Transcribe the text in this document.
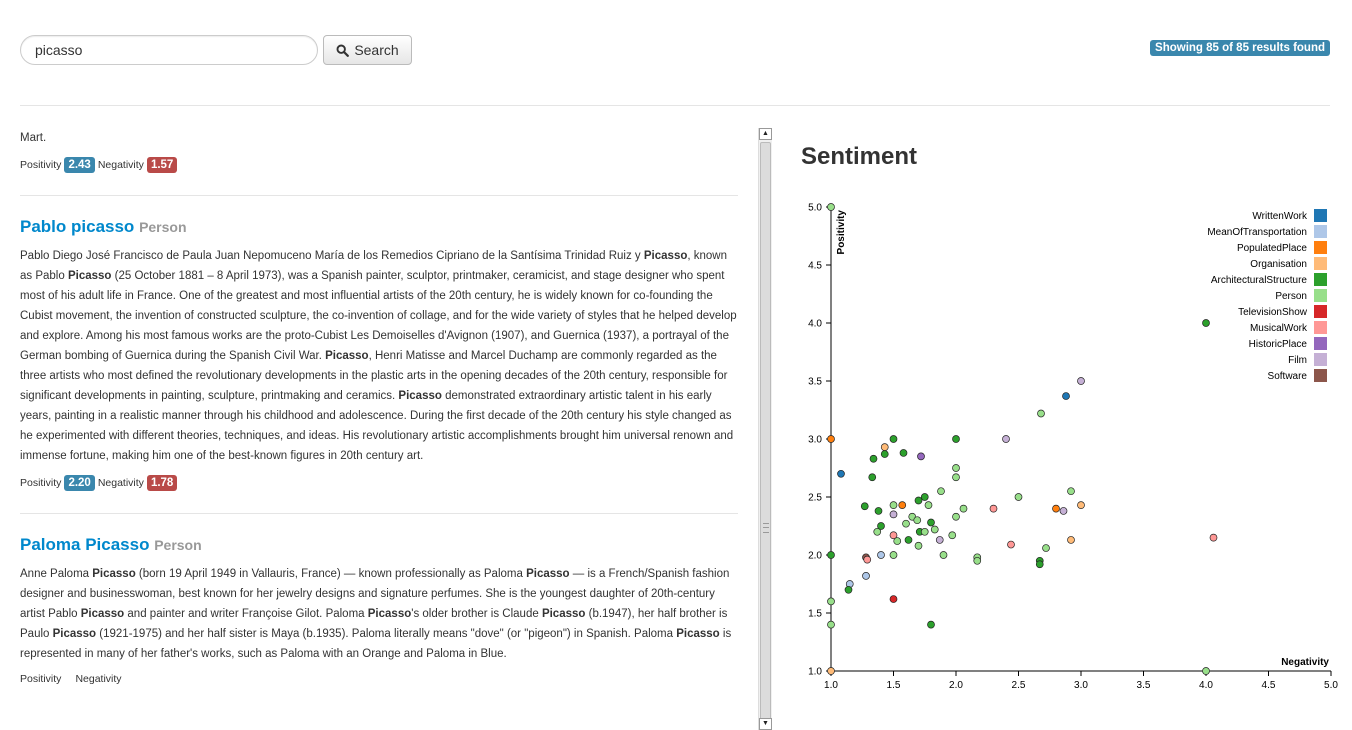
picasso
Search	Showing 85 of 85 results found

Mart.

Positivity 2.43 Negativity 1.57
Pablo picasso Person

Pablo Diego José Francisco de Paula Juan Nepomuceno María de los Remedios Cipriano de la Santísima Trinidad Ruiz y Picasso, known as Pablo Picasso (25 October 1881 – 8 April 1973), was a Spanish painter, sculptor, printmaker, ceramicist, and stage designer who spent most of his adult life in France. One of the greatest and most influential artists of the 20th century, he is widely known for co-founding the Cubist movement, the invention of constructed sculpture, the co-invention of collage, and for the wide variety of styles that he helped develop and explore. Among his most famous works are the proto-Cubist Les Demoiselles d'Avignon (1907), and Guernica (1937), a portrayal of the German bombing of Guernica during the Spanish Civil War. Picasso, Henri Matisse and Marcel Duchamp are commonly regarded as the three artists who most defined the revolutionary developments in the plastic arts in the opening decades of the 20th century, responsible for significant developments in painting, sculpture, printmaking and ceramics. Picasso demonstrated extraordinary artistic talent in his early years, painting in a realistic manner through his childhood and adolescence. During the first decade of the 20th century his style changed as he experimented with different theories, techniques, and ideas. His revolutionary artistic accomplishments brought him universal renown and immense fortune, making him one of the best-known figures in 20th century art.

Positivity 2.20 Negativity 1.78
Paloma Picasso Person

Anne Paloma Picasso (born 19 April 1949 in Vallauris, France) — known professionally as Paloma Picasso — is a French/Spanish fashion designer and businesswoman, best known for her jewelry designs and signature perfumes. She is the youngest daughter of 20th-century artist Pablo Picasso and painter and writer Françoise Gilot. Paloma Picasso's older brother is Claude Picasso (b.1947), her half brother is Paulo Picasso (1921-1975) and her half sister is Maya (b.1935). Paloma literally means "dove" (or "pigeon") in Spanish. Paloma Picasso is represented in many of her father's works, such as Paloma with an Orange and Paloma in Blue.

Positivity Negativity
▲
▼
Sentiment
1.0
1.5
2.0
2.5
3.0
3.5
4.0
4.5
5.0
1.0	1.5	2.0	2.5	3.0	3.5	4.0	4.5	5.0
Negativity
Positivity	WrittenWork
MeanOfTransportation
PopulatedPlace
Organisation
ArchitecturalStructure
Person
TelevisionShow
MusicalWork
HistoricPlace
Film
Software
